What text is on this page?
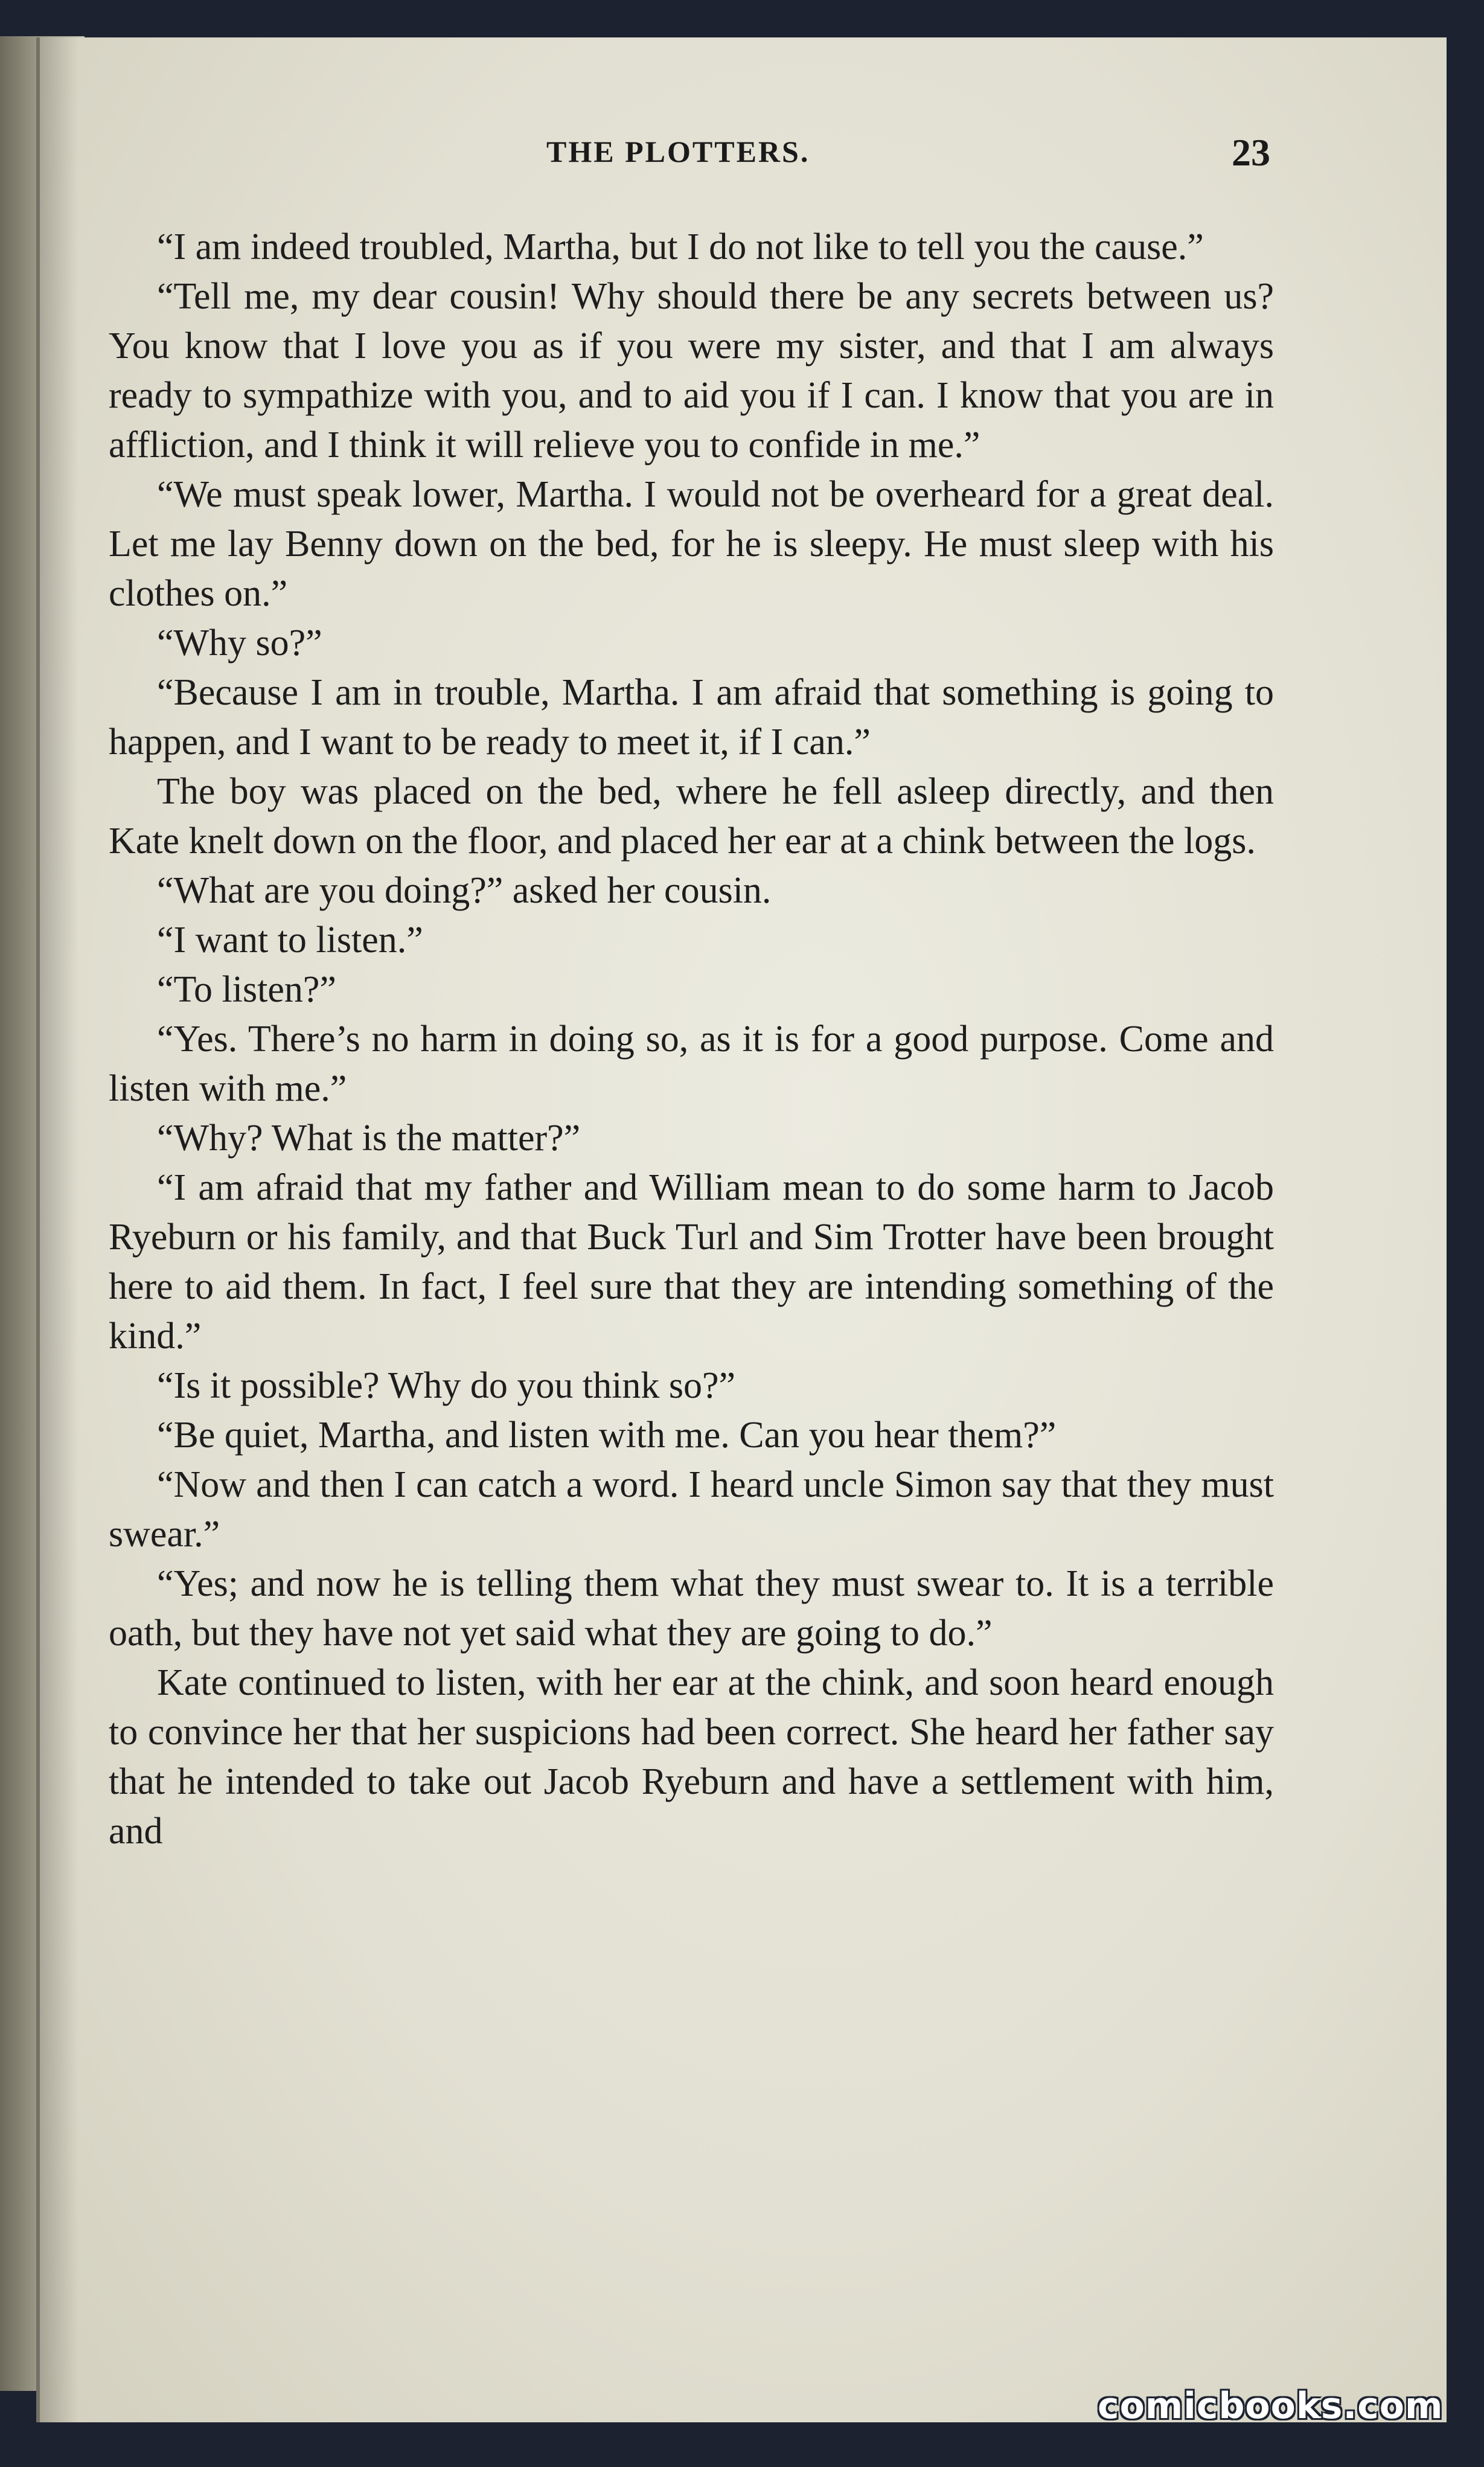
THE PLOTTERS.	23

“I am indeed troubled, Martha, but I do not like to tell you the cause.”

“Tell me, my dear cousin! Why should there be any secrets between us? You know that I love you as if you were my sister, and that I am always ready to sympathize with you, and to aid you if I can. I know that you are in affliction, and I think it will relieve you to confide in me.”

“We must speak lower, Martha. I would not be overheard for a great deal. Let me lay Benny down on the bed, for he is sleepy. He must sleep with his clothes on.”

“Why so?”

“Because I am in trouble, Martha. I am afraid that something is going to happen, and I want to be ready to meet it, if I can.”

The boy was placed on the bed, where he fell asleep directly, and then Kate knelt down on the floor, and placed her ear at a chink between the logs.

“What are you doing?” asked her cousin.

“I want to listen.”

“To listen?”

“Yes. There’s no harm in doing so, as it is for a good purpose. Come and listen with me.”

“Why? What is the matter?”

“I am afraid that my father and William mean to do some harm to Jacob Ryeburn or his family, and that Buck Turl and Sim Trotter have been brought here to aid them. In fact, I feel sure that they are intending something of the kind.”

“Is it possible? Why do you think so?”

“Be quiet, Martha, and listen with me. Can you hear them?”

“Now and then I can catch a word. I heard uncle Simon say that they must swear.”

“Yes; and now he is telling them what they must swear to. It is a terrible oath, but they have not yet said what they are going to do.”

Kate continued to listen, with her ear at the chink, and soon heard enough to convince her that her suspicions had been correct. She heard her father say that he intended to take out Jacob Ryeburn and have a settlement with him, and

comicbooks.com
